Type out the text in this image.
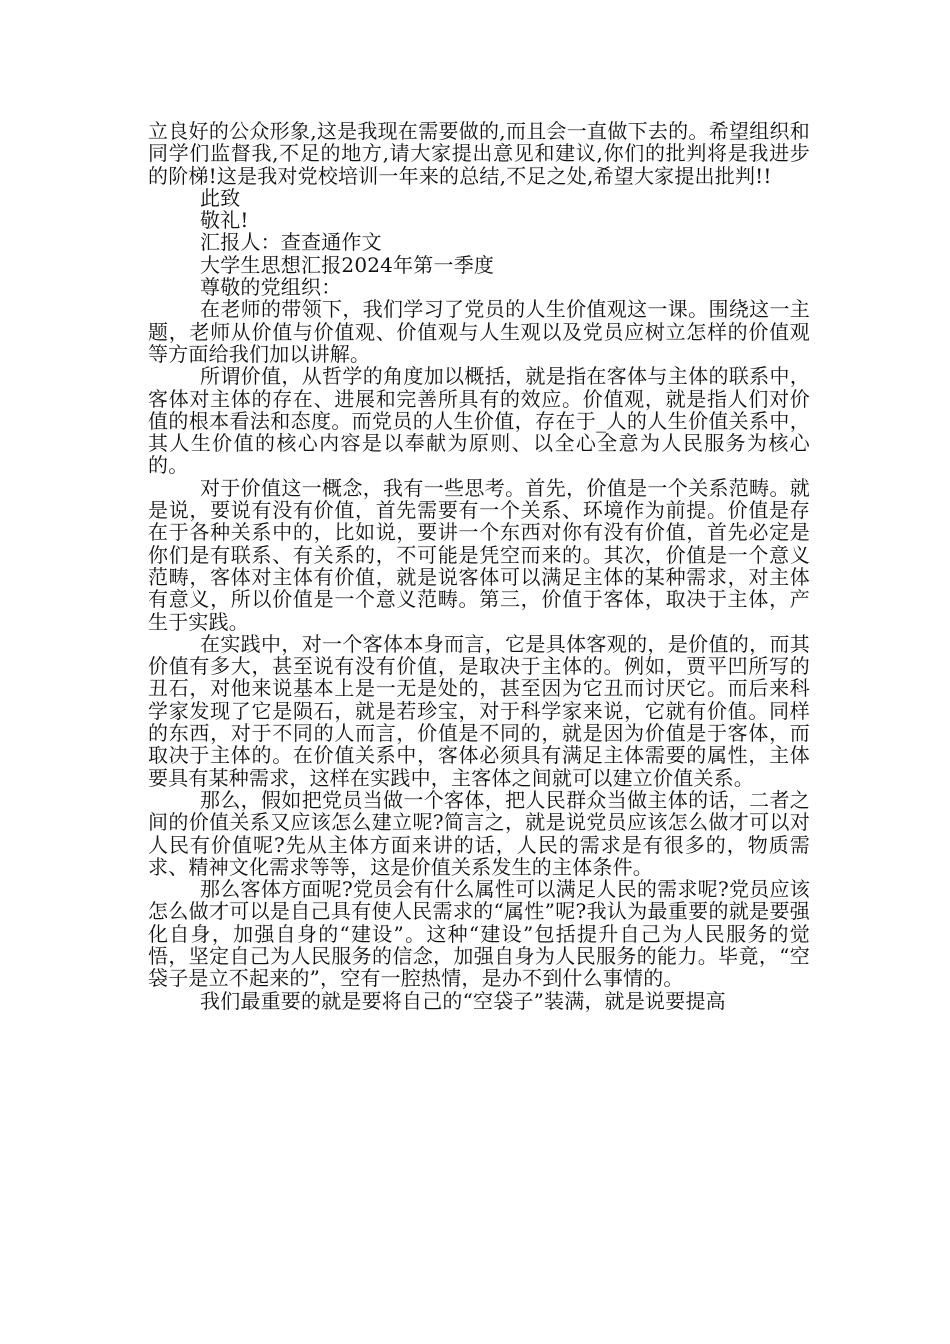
立良好的公众形象,这是我现在需要做的,而且会一直做下去的。希望组织和同学们监督我,不足的地方,请大家提出意见和建议,你们的批判将是我进步的阶梯!这是我对党校培训一年来的总结,不足之处,希望大家提出批判!!

此致

敬礼!

汇报人：查查通作文

大学生思想汇报2024年第一季度

尊敬的党组织：

在老师的带领下，我们学习了党员的人生价值观这一课。围绕这一主题，老师从价值与价值观、价值观与人生观以及党员应树立怎样的价值观等方面给我们加以讲解。

所谓价值，从哲学的角度加以概括，就是指在客体与主体的联系中，客体对主体的存在、进展和完善所具有的效应。价值观，就是指人们对价值的根本看法和态度。而党员的人生价值，存在于_人的人生价值关系中，其人生价值的核心内容是以奉献为原则、以全心全意为人民服务为核心的。

对于价值这一概念，我有一些思考。首先，价值是一个关系范畴。就是说，要说有没有价值，首先需要有一个关系、环境作为前提。价值是存在于各种关系中的，比如说，要讲一个东西对你有没有价值，首先必定是你们是有联系、有关系的，不可能是凭空而来的。其次，价值是一个意义范畴，客体对主体有价值，就是说客体可以满足主体的某种需求，对主体有意义，所以价值是一个意义范畴。第三，价值于客体，取决于主体，产生于实践。

在实践中，对一个客体本身而言，它是具体客观的，是价值的，而其价值有多大，甚至说有没有价值，是取决于主体的。例如，贾平凹所写的丑石，对他来说基本上是一无是处的，甚至因为它丑而讨厌它。而后来科学家发现了它是陨石，就是若珍宝，对于科学家来说，它就有价值。同样的东西，对于不同的人而言，价值是不同的，就是因为价值是于客体，而取决于主体的。在价值关系中，客体必须具有满足主体需要的属性，主体要具有某种需求，这样在实践中，主客体之间就可以建立价值关系。

那么，假如把党员当做一个客体，把人民群众当做主体的话，二者之间的价值关系又应该怎么建立呢?简言之，就是说党员应该怎么做才可以对人民有价值呢?先从主体方面来讲的话，人民的需求是有很多的，物质需求、精神文化需求等等，这是价值关系发生的主体条件。

那么客体方面呢?党员会有什么属性可以满足人民的需求呢?党员应该怎么做才可以是自己具有使人民需求的“属性”呢?我认为最重要的就是要强化自身，加强自身的“建设”。这种“建设”包括提升自己为人民服务的觉悟，坚定自己为人民服务的信念，加强自身为人民服务的能力。毕竟，“空袋子是立不起来的”，空有一腔热情，是办不到什么事情的。

我们最重要的就是要将自己的“空袋子”装满，就是说要提高
